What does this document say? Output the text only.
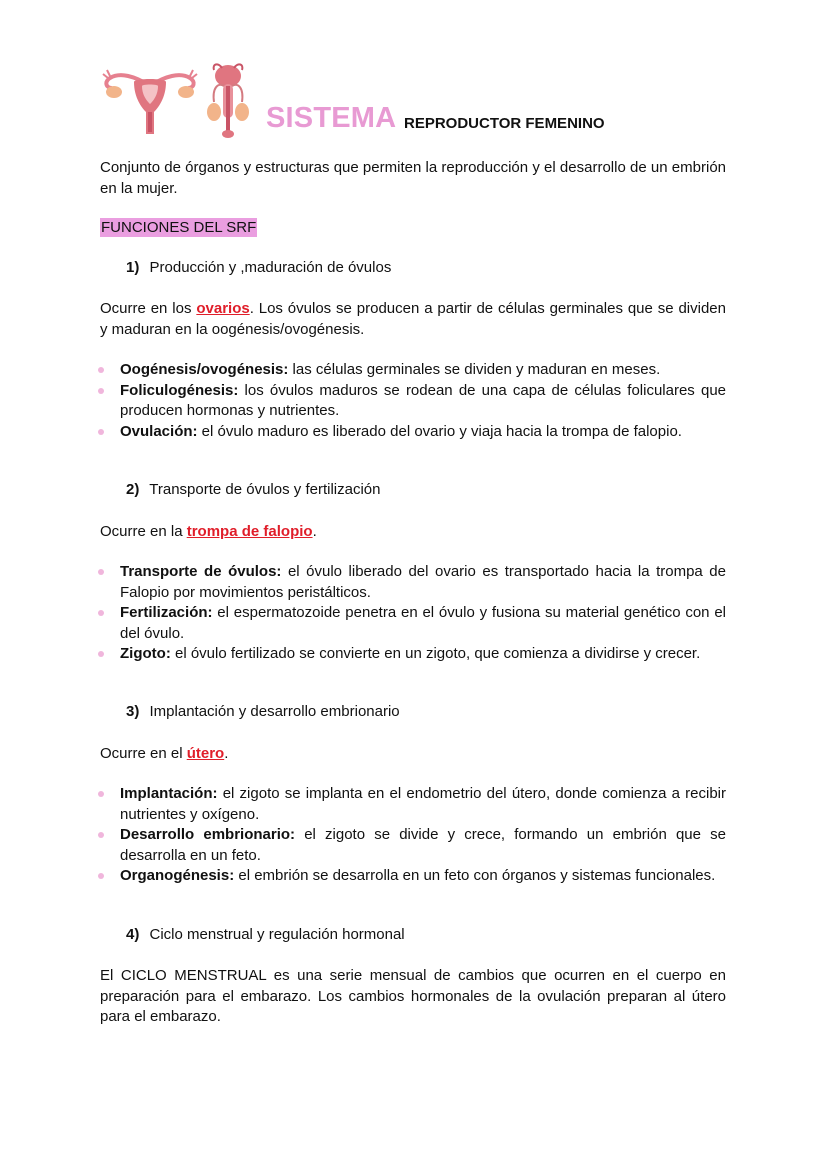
SISTEMA REPRODUCTOR FEMENINO
Conjunto de órganos y estructuras que permiten la reproducción y el desarrollo de un embrión en la mujer.
FUNCIONES DEL SRF
1) Producción y ,maduración de óvulos
Ocurre en los ovarios. Los óvulos se producen a partir de células germinales que se dividen y maduran en la oogénesis/ovogénesis.
Oogénesis/ovogénesis: las células germinales se dividen y maduran en meses.
Foliculogénesis: los óvulos maduros se rodean de una capa de células foliculares que producen hormonas y nutrientes.
Ovulación: el óvulo maduro es liberado del ovario y viaja hacia la trompa de falopio.
2) Transporte de óvulos y fertilización
Ocurre en la trompa de falopio.
Transporte de óvulos: el óvulo liberado del ovario es transportado hacia la trompa de Falopio por movimientos peristálticos.
Fertilización: el espermatozoide penetra en el óvulo y fusiona su material genético con el del óvulo.
Zigoto: el óvulo fertilizado se convierte en un zigoto, que comienza a dividirse y crecer.
3) Implantación y desarrollo embrionario
Ocurre en el útero.
Implantación: el zigoto se implanta en el endometrio del útero, donde comienza a recibir nutrientes y oxígeno.
Desarrollo embrionario: el zigoto se divide y crece, formando un embrión que se desarrolla en un feto.
Organogénesis: el embrión se desarrolla en un feto con órganos y sistemas funcionales.
4) Ciclo menstrual y regulación hormonal
El CICLO MENSTRUAL es una serie mensual de cambios que ocurren en el cuerpo en preparación para el embarazo. Los cambios hormonales de la ovulación preparan al útero para el embarazo.
